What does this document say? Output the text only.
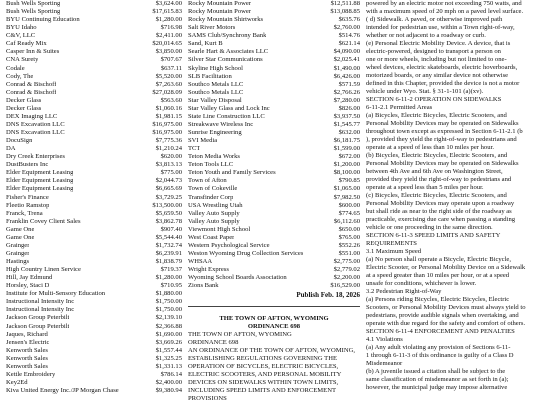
Bush Wells Sporting	$3,624.00
Bush Wells Sporting	$17,615.83
BYU Continuing Education	$1,280.00
BYU Idaho	$716.98
C&V, LLC	$2,411.00
Caf Ready Mix	$20,014.65
Casper Inn & Suites	$3,850.00
CNA Surety	$707.67
Codale	$637.11
Cody, The	$5,520.00
Conrad & Bischoff	$7,263.60
Conrad & Bischoff	$27,028.09
Decker Glass	$563.60
Decker Glass	$1,060.16
DEX Imaging LLC	$1,981.15
DNS Excavation LLC	$16,975.00
DNS Excavation LLC	$16,975.00
DocuSign	$7,775.36
DA	$1,210.24
Dry Creek Enterprises	$620.00
DustBusters Inc	$3,813.13
Elder Equipment Leasing	$775.00
Elder Equipment Leasing	$2,044.73
Elder Equipment Leasing	$6,665.69
Fisher's Finance	$3,729.25
Fleetio Ramstop	$13,500.00
Franck, Trena	$5,659.50
Franklin Covey Client Sales	$3,862.78
Game One	$907.40
Game One	$5,544.40
Grainger	$1,732.74
Grainger	$6,239.91
Hastings	$1,838.79
High Country Linen Service	$719.37
Hill, Jay Edmund	$1,280.00
Horsley, Staci D	$710.95
Institute for Multi-Sensory Education	$1,880.00
Instructional Intensity Inc	$1,750.00
Instructional Intensity Inc	$1,750.00
Jackson Group Peterbilt	$2,139.10
Jackson Group Peterbilt	$2,366.88
Jaques, Richard	$1,690.00
Jensen's Electric	$3,669.26
Kenworth Sales	$1,557.44
Kenworth Sales	$1,325.25
Kenworth Sales	$1,331.13
Kettle Embroidery	$786.14
Key2Ed	$2,400.00
Kiva United Energy Inc./JP Morgan Chase	$9,380.94
Rocky Mountain Power	$12,511.88
Rocky Mountain Power	$13,088.85
Rocky Mountain Shirtworks	$635.76
Salt River Motors	$2,760.00
SAMS Club/Synchrony Bank	$514.76
Sand, Kurt B	$621.14
Searle Hart & Associates LLC	$4,090.00
Silver Star Communications	$2,025.41
Skyline High School	$1,490.00
SLB Facilitation	$6,426.00
Southco Metals LLC	$571.59
Southco Metals LLC	$2,766.26
Star Valley Disposal	$7,280.00
Star Valley Glass and Lock Inc	$826.00
State Line Construction LLC	$3,937.50
Streakwave Wireless Inc	$1,545.77
Sunrise Engineering	$632.00
SVI Media	$6,181.75
TCT	$1,599.00
Teton Media Works	$672.00
Teton Tools LLC	$1,200.00
Teton Youth and Family Services	$8,100.00
Town of Afton	$790.85
Town of Cokeville	$1,065.00
Transfinder Corp	$7,982.50
USA Wrestling Utah	$600.00
Valley Auto Supply	$774.65
Valley Auto Supply	$6,112.60
Viewmont High School	$650.00
West Coast Paper	$765.00
Western Psychological Service	$552.26
Weston Wyoming Drug Collection Services	$551.00
WHSAA	$2,775.00
Wright Express	$2,779.02
Wyoming School Boards Association	$2,200.00
Zions Bank	$16,529.00
Publish Feb. 18, 2026
THE TOWN OF AFTON, WYOMING
ORDINANCE 698
THE TOWN OF AFTON, WYOMING
ORDINANCE 698
AN ORDINANCE OF THE TOWN OF AFTON, WYOMING,
ESTABLISHING REGULATIONS GOVERNING THE
OPERATION OF BICYCLES, ELECTRIC BICYCLES,
ELECTRIC SCOOTERS, AND PERSONAL MOBILITY
DEVICES ON SIDEWALKS WITHIN TOWN LIMITS,
INCLUDING SPEED LIMITS AND ENFORCEMENT
PROVISIONS
powered by an electric motor not exceeding 750 watts, and
with a maximum speed of 20 mph on a paved level surface.
( d) Sidewalk. A paved, or otherwise improved path
intended for pedestrian use, within a Town right-of-way,
whether or not adjacent to a roadway or curb.
(e) Personal Electric Mobility Device. A device, that is
electric-powered, designed to transport a person on
one or more wheels, including but not limited to one-
wheel devices, electric skateboards, electric hoverboards,
motorized boards, or any similar device not otherwise
defined in this Chapter, provided the device is not a motor
vehicle under Wyo. Stat. § 31-1-101 (a)(xv).
SECTION 6-11-2 OPERATION ON SIDEWALKS
6-11-2.1 Permitted Areas
(a) Bicycles, Electric Bicycles, Electric Scooters, and
Personal Mobility Devices may be operated on Sidewalks
throughout town except as expressed in Section 6-11-2.1 (b
), provided they yield the right-of-way to pedestrians and
operate at a speed of less than 10 miles per hour.
(b) Bicycles, Electric Bicycles, Electric Scooters, and
Personal Mobility Devices may be operated on Sidewalks
between 4th Ave and 6th Ave on Washington Street,
provided they yield the right-of-way to pedestrians and
operate at a speed less than 5 miles per hour.
(c) Bicycles, Electric Bicycles, Electric Scooters, and
Personal Mobility Devices may operate upon a roadway
but shall ride as near to the right side of the roadway as
practicable, exercising due care when passing a standing
vehicle or one proceeding in the same direction.
SECTION 6-11-3 SPEED LIMITS AND SAFETY
REQUIREMENTS
3.1 Maximum Speed
(a) No person shall operate a Bicycle, Electric Bicycle,
Electric Scooter, or Personal Mobility Device on a Sidewalk
at a speed greater than 10 miles per hour, or at a speed
unsafe for conditions, whichever is lower.
3.2 Pedestrian Right-of-Way
(a) Persons riding Bicycles, Electric Bicycles, Electric
Scooters, or Personal Mobility Devices must always yield to
pedestrians, provide audible signals when overtaking, and
operate with due regard for the safety and comfort of others.
SECTION 6-11-4 ENFORCEMENT AND PENALTIES
4.1 Violations
(a) Any adult violating any provision of Sections 6-11-
1 through 6-11-3 of this ordinance is guilty of a Class D
Misdemeanor
(b) A juvenile issued a citation shall be subject to the
same classification of misdemeanor as set forth in (a);
however, the municipal judge may impose alternative
